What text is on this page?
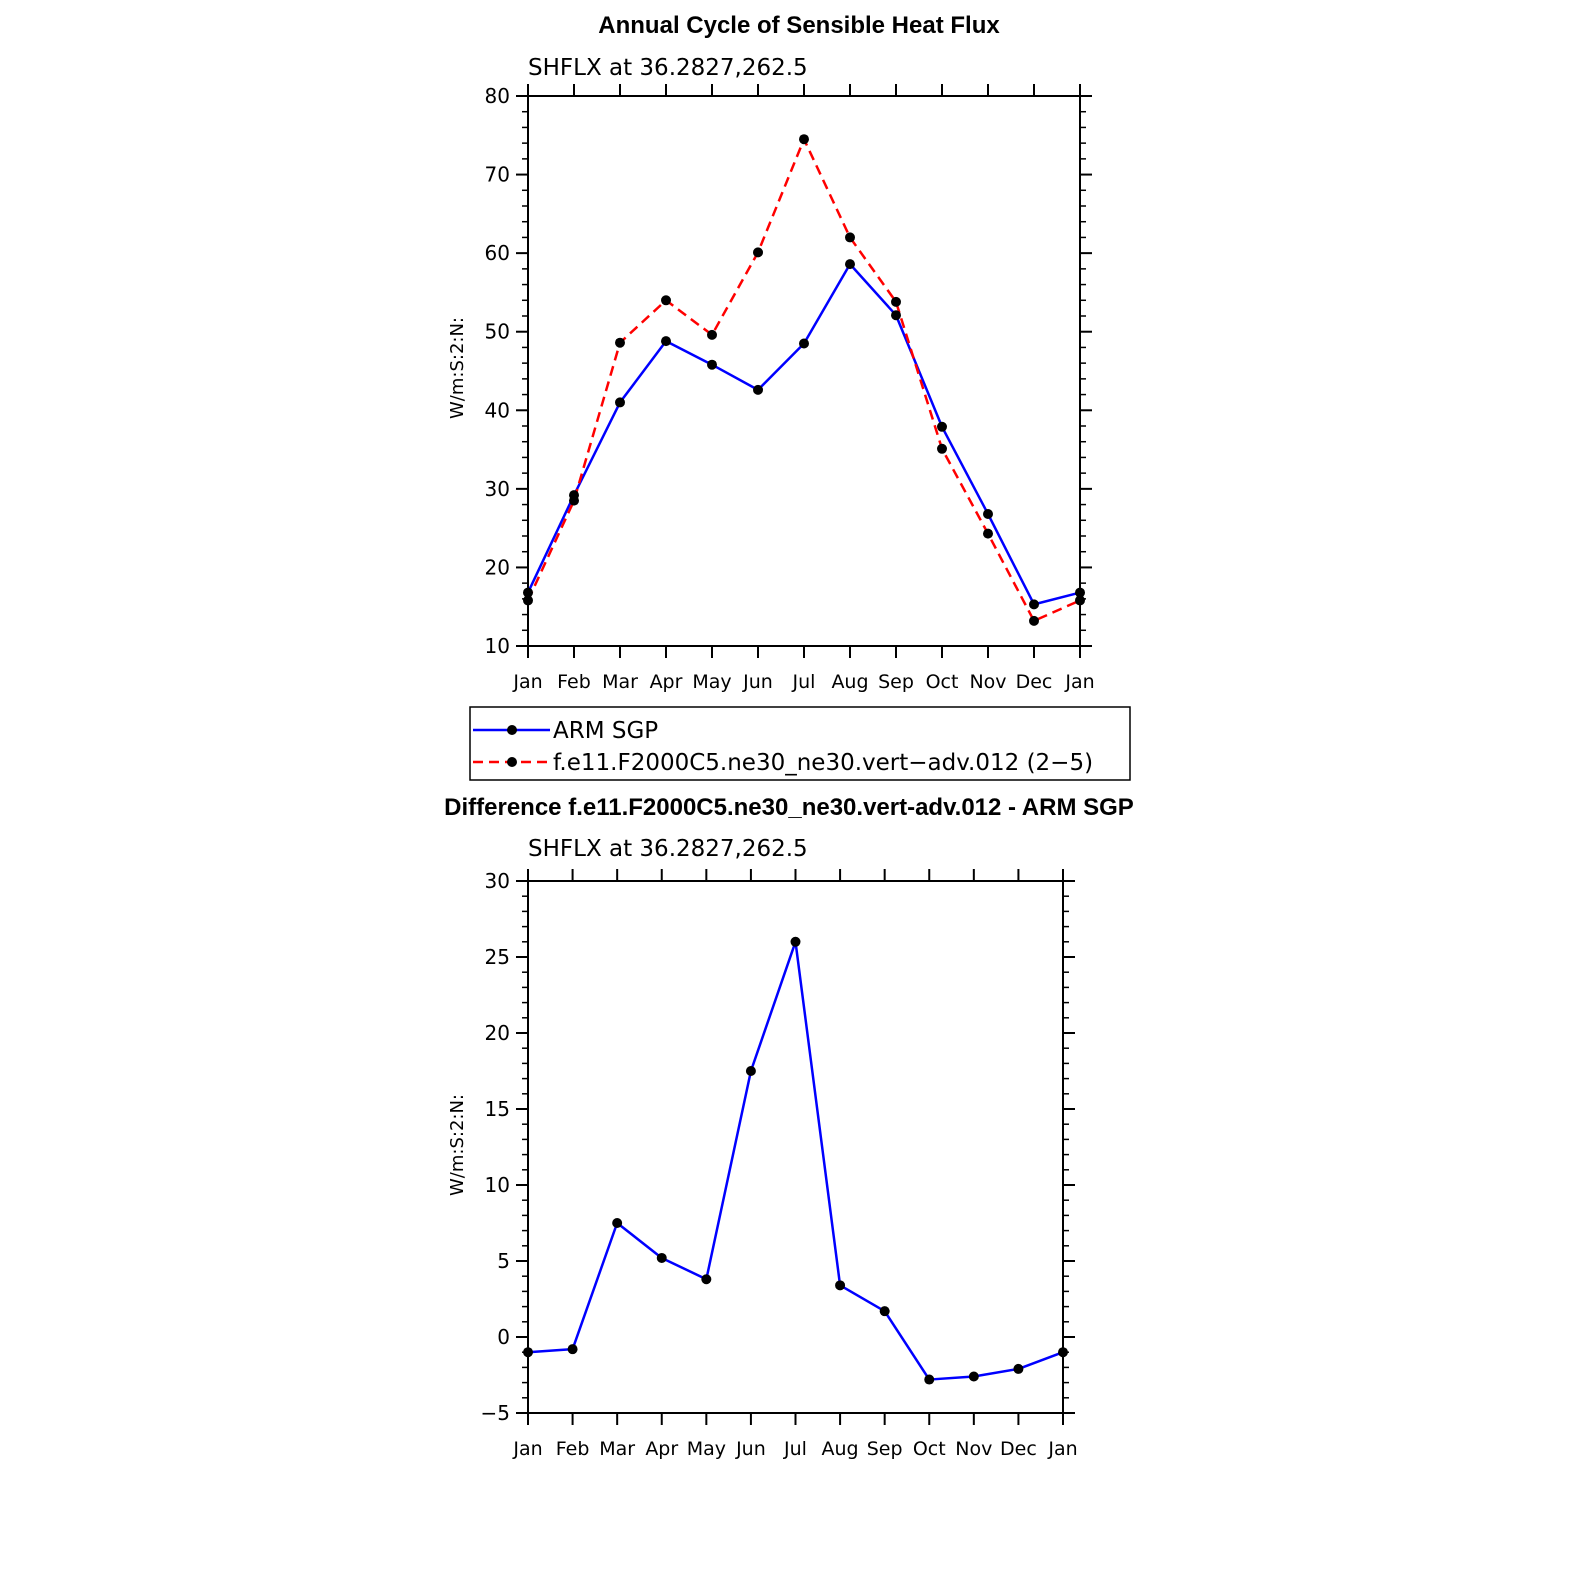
Annual Cycle of Sensible Heat Flux
SHFLX at 36.2827,262.5
W/m:S:2:N:
10
20
30
40
50
60
70
80
Jan Feb Mar Apr May Jun Jul Aug Sep Oct Nov Dec Jan
ARM SGP
f.e11.F2000C5.ne30_ne30.vert−adv.012 (2−5)
Difference f.e11.F2000C5.ne30_ne30.vert-adv.012 - ARM SGP
SHFLX at 36.2827,262.5
W/m:S:2:N:
−5
0
5
10
15
20
25
30
Jan Feb Mar Apr May Jun Jul Aug Sep Oct Nov Dec Jan
